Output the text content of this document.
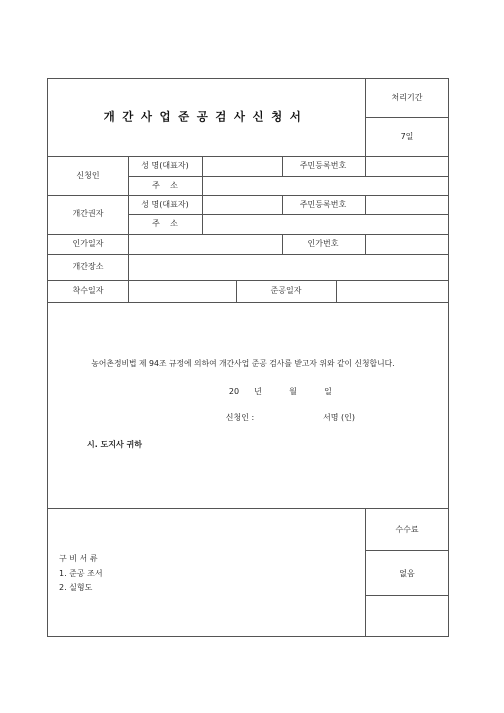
개간사업준공검사신청서
처리기간
7일
신청인
성 명(대표자)	주민등록번호
주    소
개간권자
성 명(대표자)	주민등록번호
주    소
인가일자	인가번호
개간장소
착수일자	준공일자
농어촌정비법 제 94조 규정에 의하여 개간사업 준공 검사를 받고자 위와 같이 신청합니다.
20 년	월	일
신청인 :	서명 (인)
시. 도지사 귀하
구 비 서 류
1. 준공 조서
2. 실형도
수수료
없음
